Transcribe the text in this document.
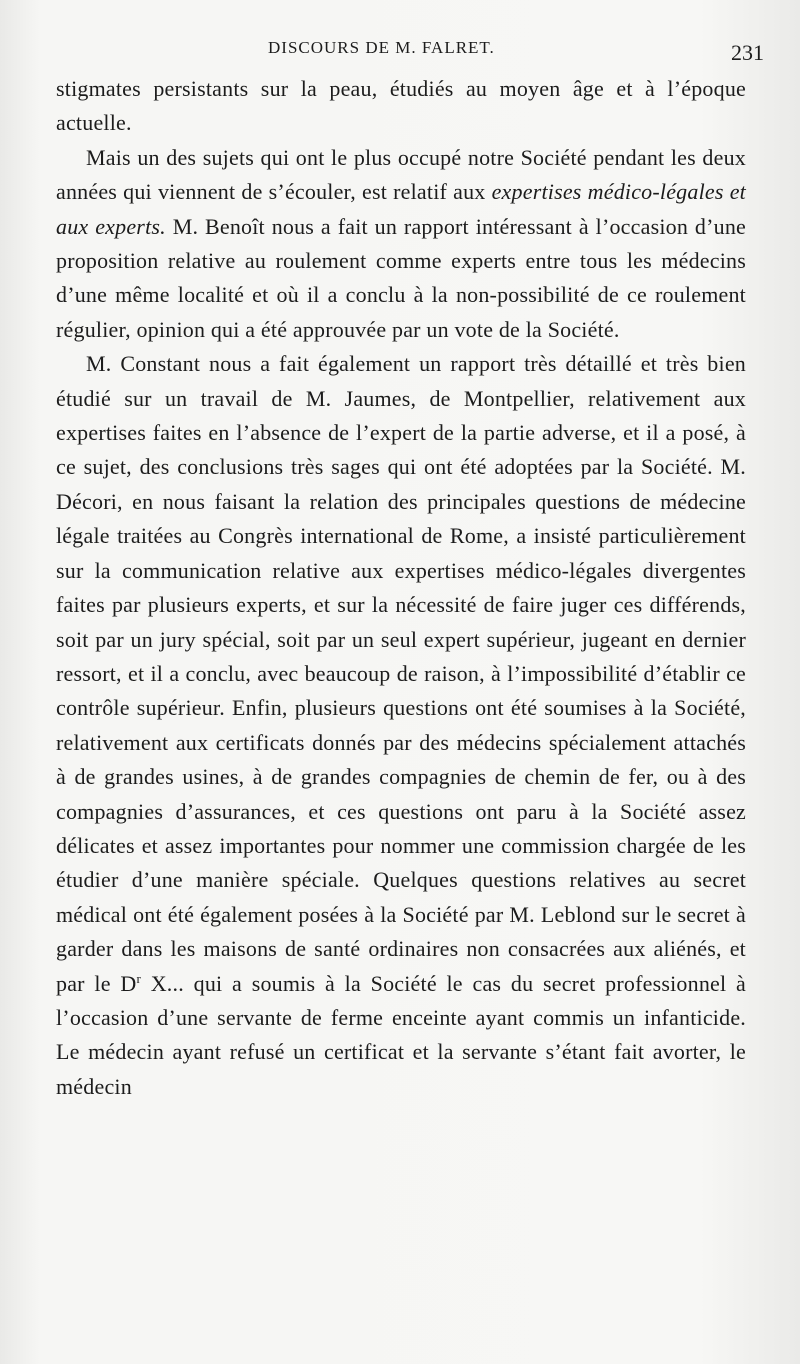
DISCOURS DE M. FALRET.	231

stigmates persistants sur la peau, étudiés au moyen âge et à l’époque actuelle.

Mais un des sujets qui ont le plus occupé notre Société pendant les deux années qui viennent de s’écouler, est relatif aux expertises médico-légales et aux experts. M. Benoît nous a fait un rapport intéressant à l’occasion d’une proposition relative au roulement comme experts entre tous les médecins d’une même localité et où il a conclu à la non-possibilité de ce roulement régulier, opinion qui a été approuvée par un vote de la Société.

M. Constant nous a fait également un rapport très détaillé et très bien étudié sur un travail de M. Jaumes, de Montpellier, relativement aux expertises faites en l’absence de l’expert de la partie adverse, et il a posé, à ce sujet, des conclusions très sages qui ont été adoptées par la Société. M. Décori, en nous faisant la relation des principales questions de médecine légale traitées au Congrès international de Rome, a insisté particulièrement sur la communication relative aux expertises médico-légales divergentes faites par plusieurs experts, et sur la nécessité de faire juger ces différends, soit par un jury spécial, soit par un seul expert supérieur, jugeant en dernier ressort, et il a conclu, avec beaucoup de raison, à l’impossibilité d’établir ce contrôle supérieur. Enfin, plusieurs questions ont été soumises à la Société, relativement aux certificats donnés par des médecins spécialement attachés à de grandes usines, à de grandes compagnies de chemin de fer, ou à des compagnies d’assurances, et ces questions ont paru à la Société assez délicates et assez importantes pour nommer une commission chargée de les étudier d’une manière spéciale. Quelques questions relatives au secret médical ont été également posées à la Société par M. Leblond sur le secret à garder dans les maisons de santé ordinaires non consacrées aux aliénés, et par le $D^r$ X... qui a soumis à la Société le cas du secret professionnel à l’occasion d’une servante de ferme enceinte ayant commis un infanticide. Le médecin ayant refusé un certificat et la servante s’étant fait avorter, le médecin
